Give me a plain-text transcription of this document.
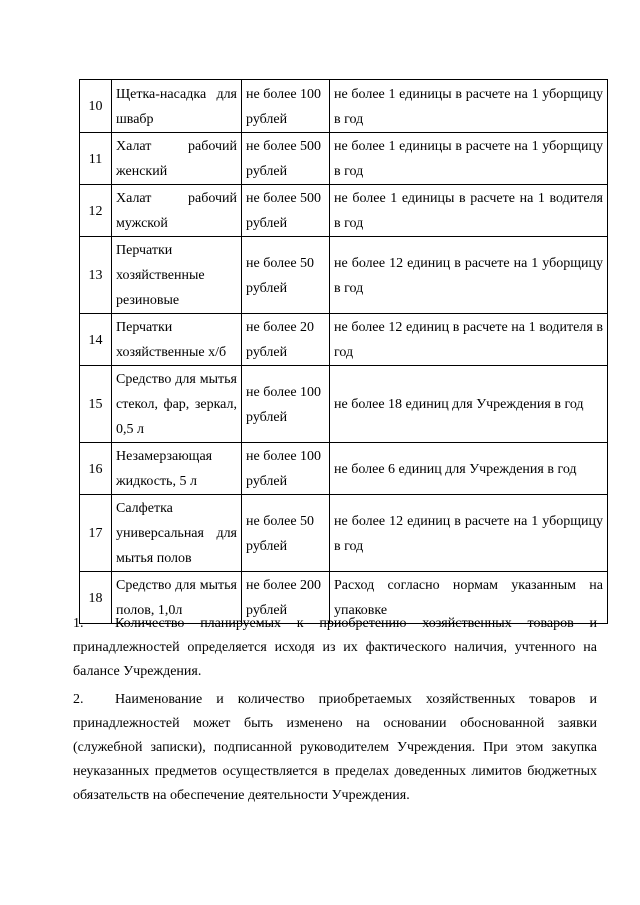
10	Щетка-насадка для швабр	не более 100 рублей	не более 1 единицы в расчете на 1 уборщицу в год
11	Халат рабочий женский	не более 500 рублей	не более 1 единицы в расчете на 1 уборщицу в год
12	Халат рабочий мужской	не более 500 рублей	не более 1 единицы в расчете на 1 водителя в год
13	Перчатки хозяйственные резиновые	не более 50 рублей	не более 12 единиц в расчете на 1 уборщицу в год
14	Перчатки хозяйственные х/б	не более 20 рублей	не более 12 единиц в расчете на 1 водителя в год
15	Средство для мытья стекол, фар, зеркал, 0,5 л	не более 100 рублей	не более 18 единиц для Учреждения в год
16	Незамерзающая жидкость, 5 л	не более 100 рублей	не более 6 единиц для Учреждения в год
17	Салфетка универсальная для мытья полов	не более 50 рублей	не более 12 единиц в расчете на 1 уборщицу в год
18	Средство для мытья полов, 1,0л	не более 200 рублей	Расход согласно нормам указанным на упаковке

1. Количество планируемых к приобретению хозяйственных товаров и принадлежностей определяется исходя из их фактического наличия, учтенного на балансе Учреждения.

2. Наименование и количество приобретаемых хозяйственных товаров и принадлежностей может быть изменено на основании обоснованной заявки (служебной записки), подписанной руководителем Учреждения. При этом закупка неуказанных предметов осуществляется в пределах доведенных лимитов бюджетных обязательств на обеспечение деятельности Учреждения.
